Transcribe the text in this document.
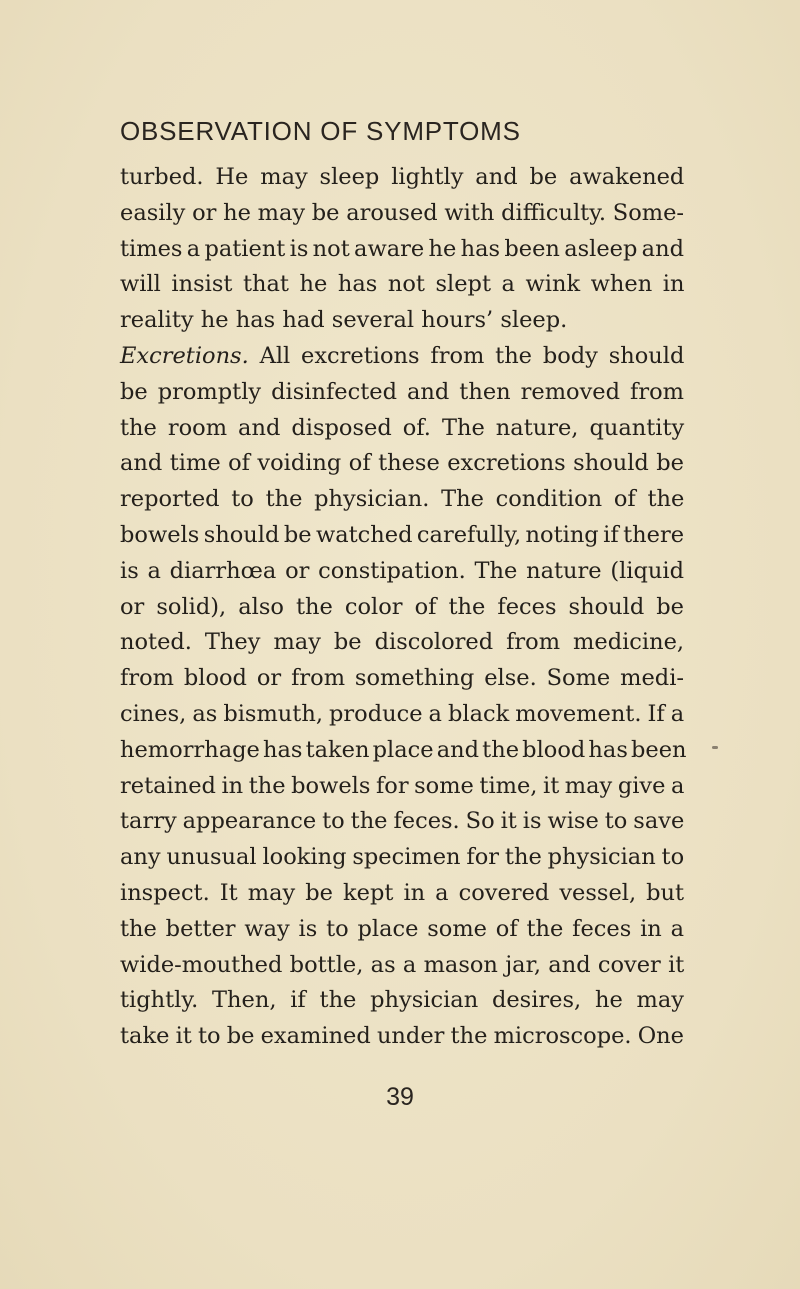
OBSERVATION OF SYMPTOMS
turbed. He may sleep lightly and be awakened
easily or he may be aroused with difficulty. Some-
times a patient is not aware he has been asleep and
will insist that he has not slept a wink when in
reality he has had several hours’ sleep.
Excretions. All excretions from the body should
be promptly disinfected and then removed from
the room and disposed of. The nature, quantity
and time of voiding of these excretions should be
reported to the physician. The condition of the
bowels should be watched carefully, noting if there
is a diarrhœa or constipation. The nature (liquid
or solid), also the color of the feces should be
noted. They may be discolored from medicine,
from blood or from something else. Some medi-
cines, as bismuth, produce a black movement. If a
hemorrhage has taken place and the blood has been
retained in the bowels for some time, it may give a
tarry appearance to the feces. So it is wise to save
any unusual looking specimen for the physician to
inspect. It may be kept in a covered vessel, but
the better way is to place some of the feces in a
wide-mouthed bottle, as a mason jar, and cover it
tightly. Then, if the physician desires, he may
take it to be examined under the microscope. One
39
